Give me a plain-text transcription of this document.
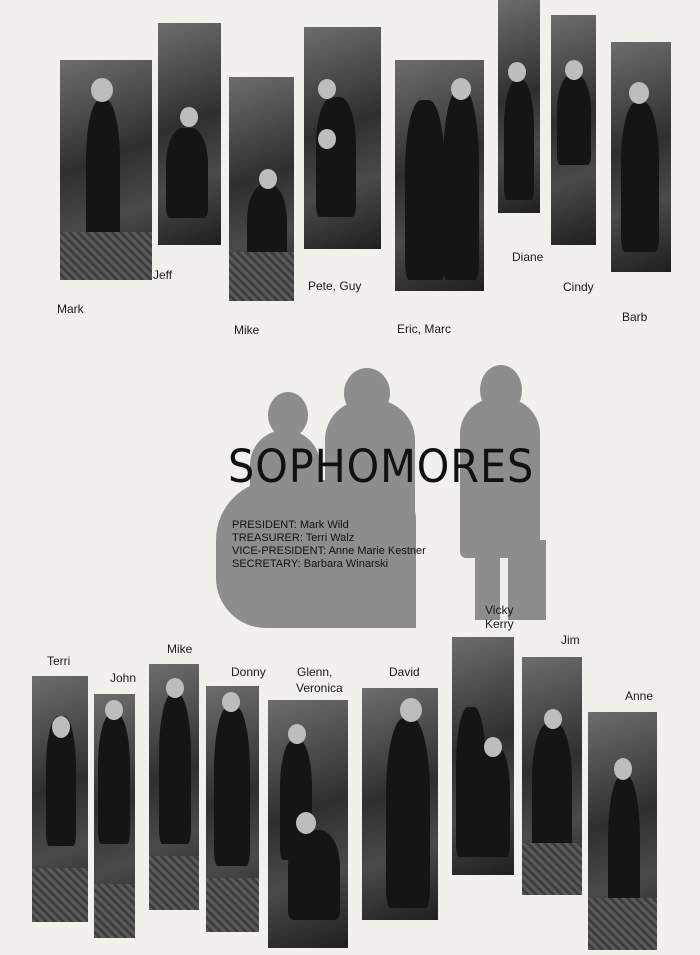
Mark
Jeff
Mike
Pete, Guy
Eric, Marc
Diane
Cindy
Barb
SOPHOMORES
PRESIDENT: Mark Wild
TREASURER: Terri Walz
VICE-PRESIDENT: Anne Marie Kestner
SECRETARY: Barbara Winarski
Terri
John
Mike
Donny	Glenn,
Veronica
David
Vicky
Kerry
Jim
Anne
